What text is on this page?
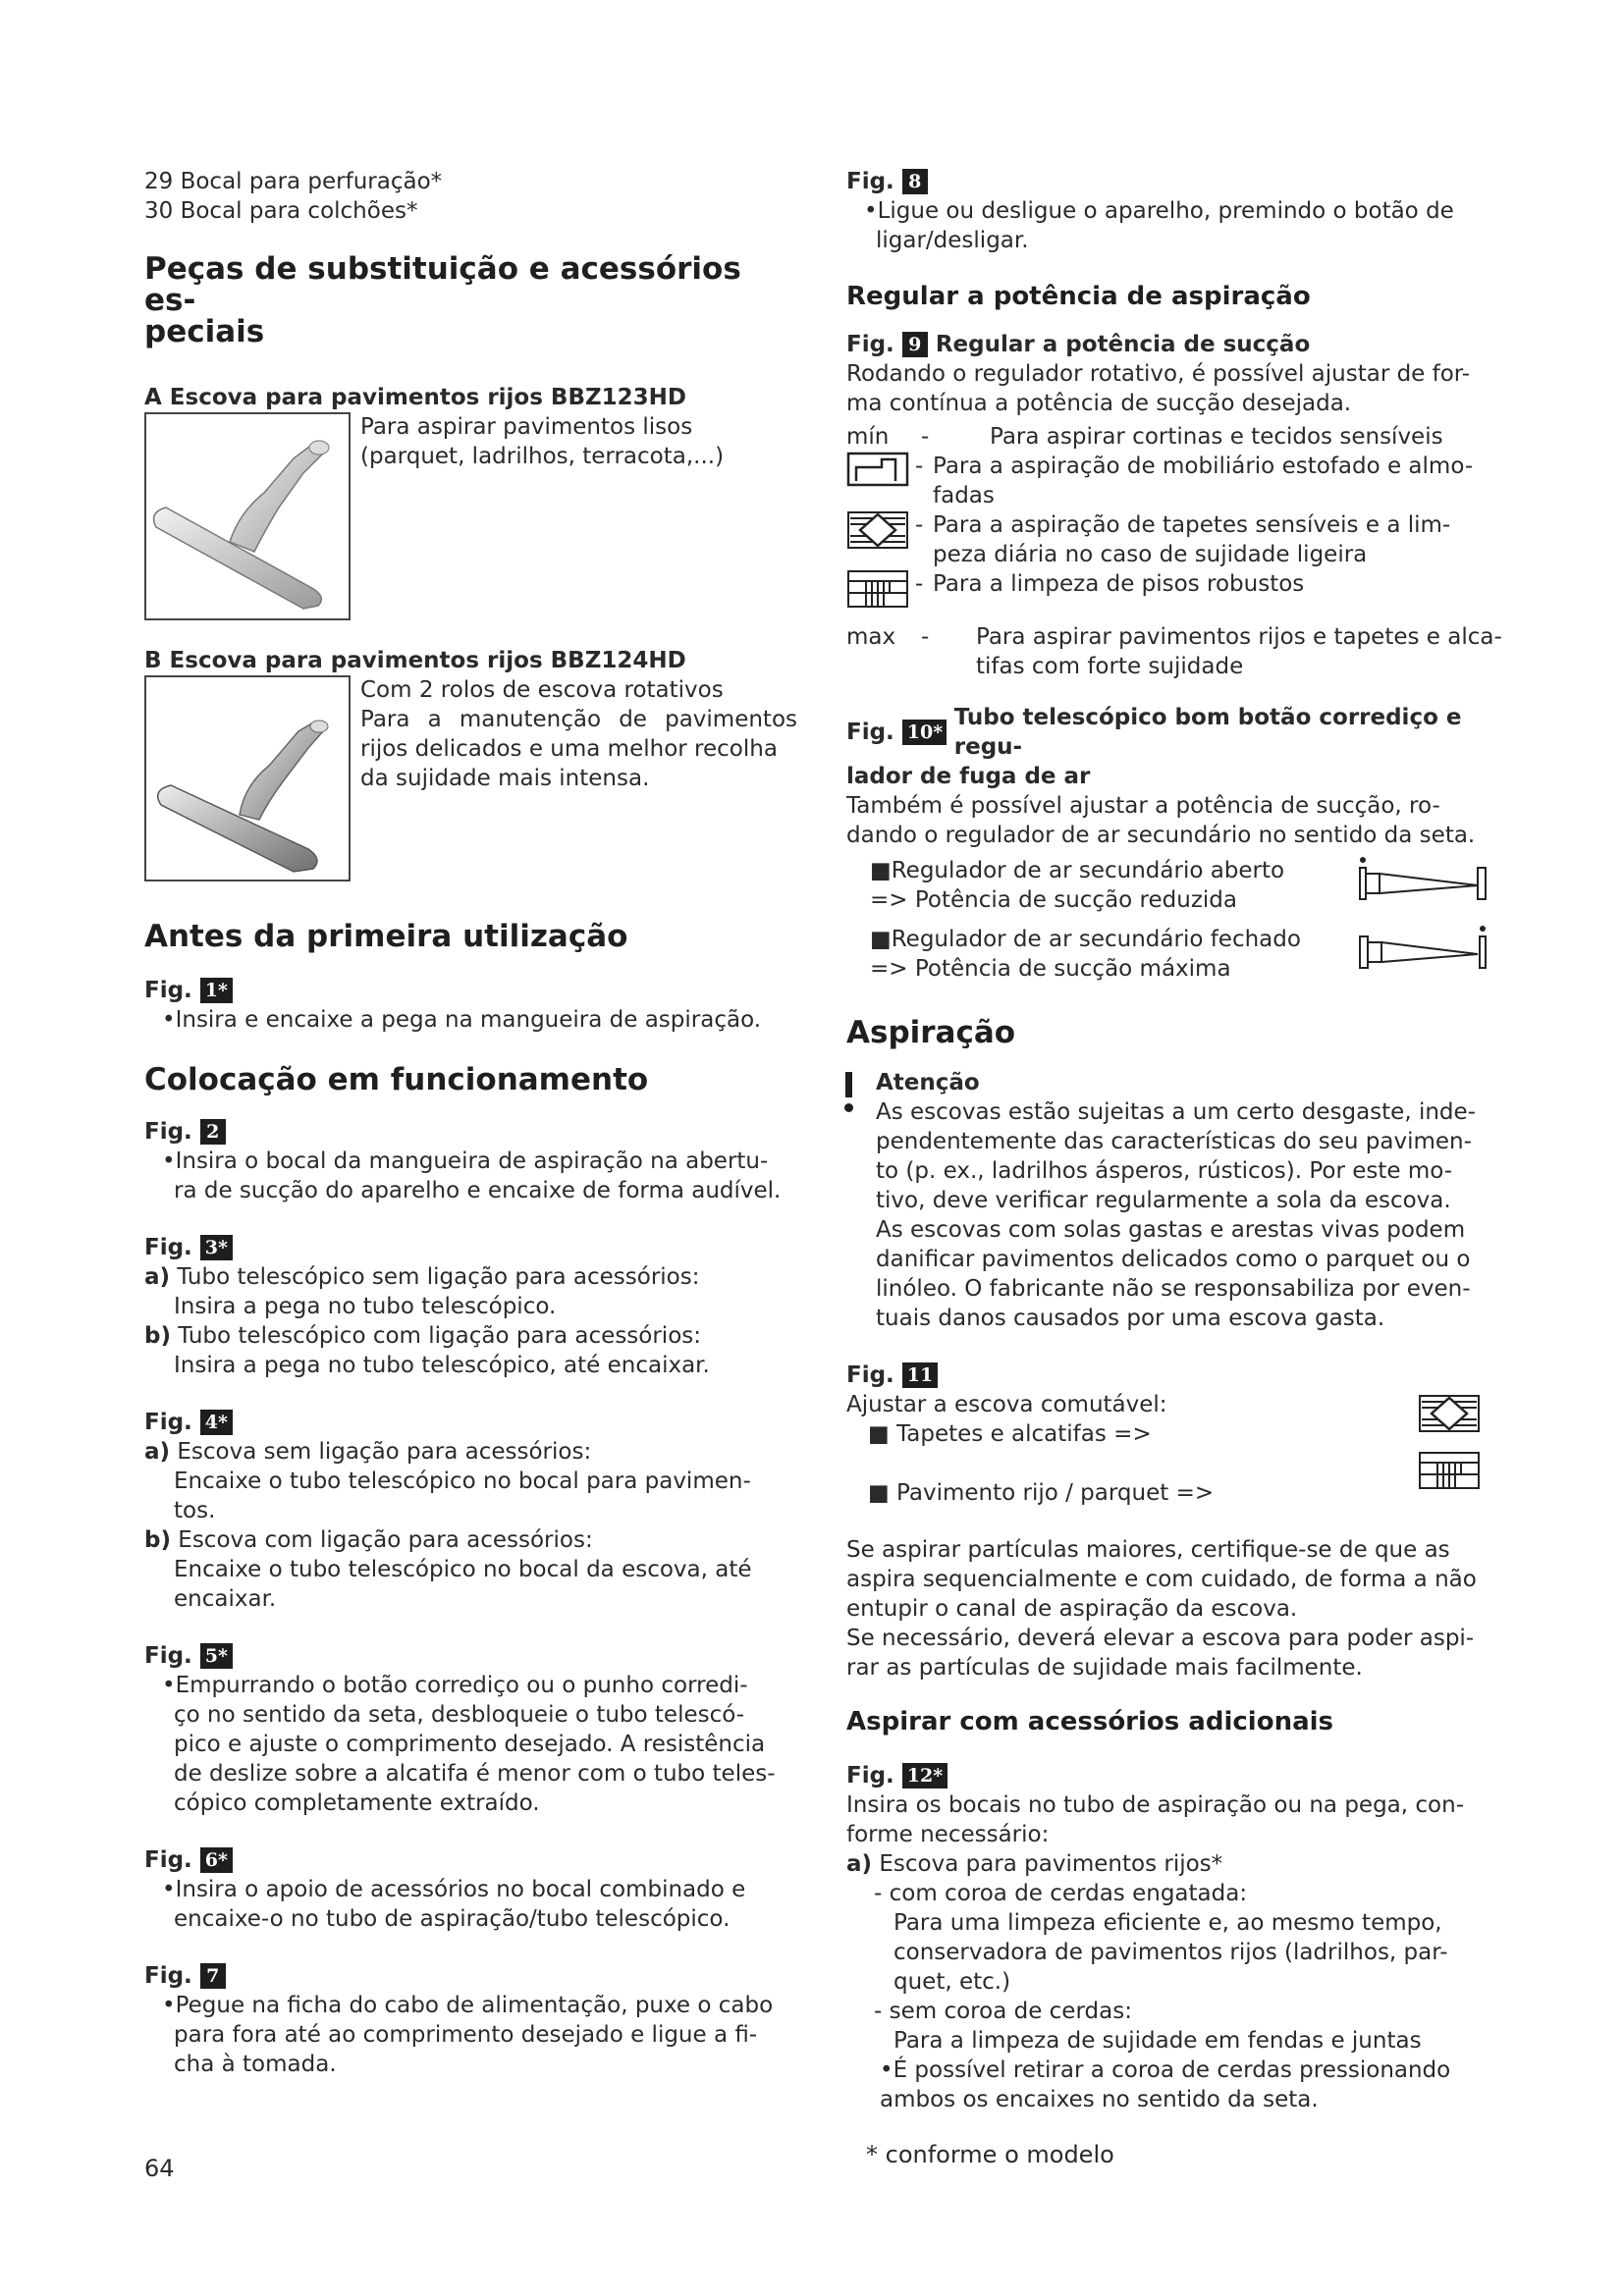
29 Bocal para perfuração*
30 Bocal para colchões*
Peças de substituição e acessórios es-
peciais
A Escova para pavimentos rijos BBZ123HD
Para aspirar pavimentos lisos
(parquet, ladrilhos, terracota,...)
B Escova para pavimentos rijos BBZ124HD
Com 2 rolos de escova rotativos
Para a manutenção de pavimentos
rijos delicados e uma melhor recolha
da sujidade mais intensa.
Antes da primeira utilização
Fig. 1*
• Insira e encaixe a pega na mangueira de aspiração.
Colocação em funcionamento
Fig. 2
• Insira o bocal da mangueira de aspiração na abertu-
ra de sucção do aparelho e encaixe de forma audível.
Fig. 3*
a) Tubo telescópico sem ligação para acessórios:
Insira a pega no tubo telescópico.
b) Tubo telescópico com ligação para acessórios:
Insira a pega no tubo telescópico, até encaixar.
Fig. 4*
a) Escova sem ligação para acessórios:
Encaixe o tubo telescópico no bocal para pavimen-
tos.
b) Escova com ligação para acessórios:
Encaixe o tubo telescópico no bocal da escova, até
encaixar.
Fig. 5*
• Empurrando o botão corrediço ou o punho corredi-
ço no sentido da seta, desbloqueie o tubo telescó-
pico e ajuste o comprimento desejado. A resistência
de deslize sobre a alcatifa é menor com o tubo teles-
cópico completamente extraído.
Fig. 6*
• Insira o apoio de acessórios no bocal combinado e
encaixe-o no tubo de aspiração/tubo telescópico.
Fig. 7
• Pegue na ficha do cabo de alimentação, puxe o cabo
para fora até ao comprimento desejado e ligue a fi-
cha à tomada.
Fig. 8
• Ligue ou desligue o aparelho, premindo o botão de
ligar/desligar.
Regular a potência de aspiração
Fig. 9
Regular a potência de sucção
Rodando o regulador rotativo, é possível ajustar de for-
ma contínua a potência de sucção desejada.
mín	-	Para aspirar cortinas e tecidos sensíveis
- Para a aspiração de mobiliário estofado e almo-
fadas
- Para a aspiração de tapetes sensíveis e a lim-
peza diária no caso de sujidade ligeira
- Para a limpeza de pisos robustos
max	-	Para aspirar pavimentos rijos e tapetes e alca-
tifas com forte sujidade
Fig. 10*

Tubo telescópico bom botão corrediço e regu-
lador de fuga de ar
Também é possível ajustar a potência de sucção, ro-
dando o regulador de ar secundário no sentido da seta.
■Regulador de ar secundário aberto
=> Potência de sucção reduzida
■Regulador de ar secundário fechado
=> Potência de sucção máxima
Aspiração
Atenção
As escovas estão sujeitas a um certo desgaste, inde-
pendentemente das características do seu pavimen-
to (p. ex., ladrilhos ásperos, rústicos). Por este mo-
tivo, deve verificar regularmente a sola da escova.
As escovas com solas gastas e arestas vivas podem
danificar pavimentos delicados como o parquet ou o
linóleo. O fabricante não se responsabiliza por even-
tuais danos causados por uma escova gasta.
Fig. 11
Ajustar a escova comutável:
■ Tapetes e alcatifas =>
■ Pavimento rijo / parquet =>
Se aspirar partículas maiores, certifique-se de que as
aspira sequencialmente e com cuidado, de forma a não
entupir o canal de aspiração da escova.
Se necessário, deverá elevar a escova para poder aspi-
rar as partículas de sujidade mais facilmente.
Aspirar com acessórios adicionais
Fig. 12*
Insira os bocais no tubo de aspiração ou na pega, con-
forme necessário:
a) Escova para pavimentos rijos*
- com coroa de cerdas engatada:
Para uma limpeza eficiente e, ao mesmo tempo,
conservadora de pavimentos rijos (ladrilhos, par-
quet, etc.)
- sem coroa de cerdas:
Para a limpeza de sujidade em fendas e juntas
•É possível retirar a coroa de cerdas pressionando
ambos os encaixes no sentido da seta.
* conforme o modelo
64
